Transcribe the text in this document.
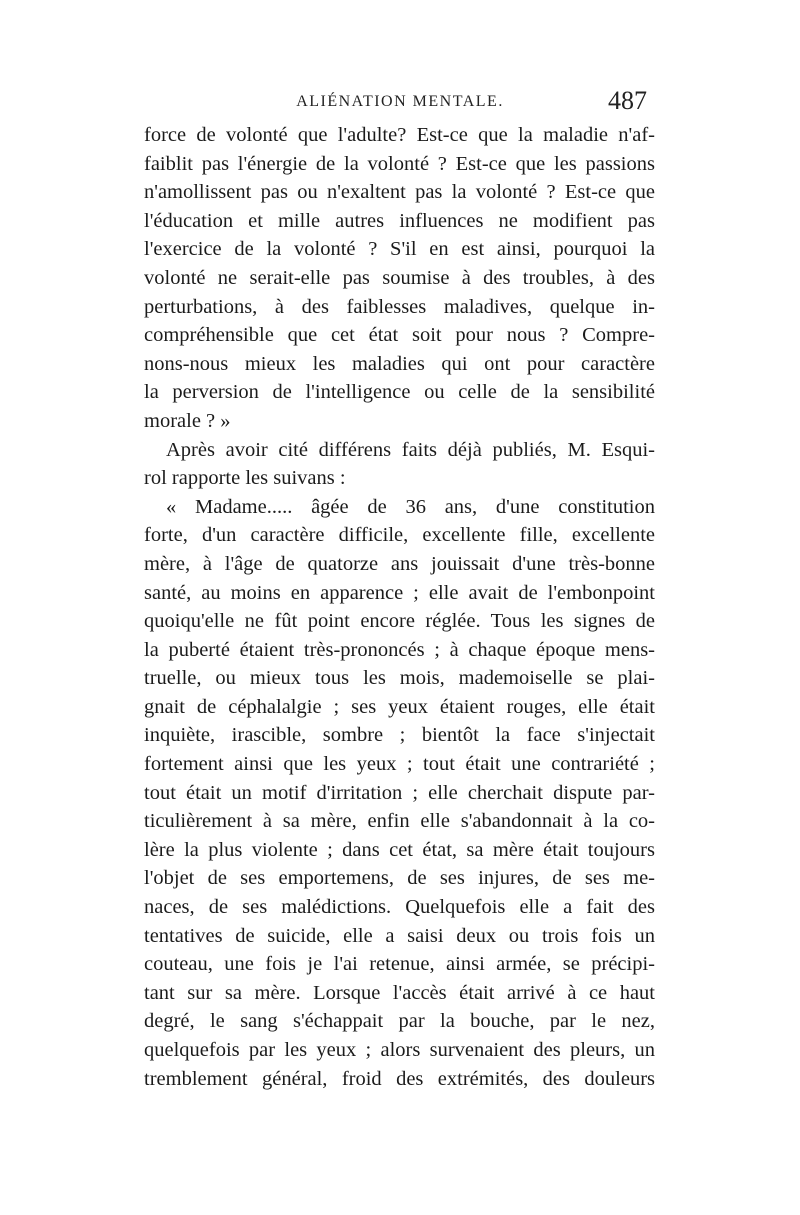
ALIÉNATION MENTALE.	487
force de volonté que l'adulte? Est-ce que la maladie n'af-
faiblit pas l'énergie de la volonté ? Est-ce que les passions
n'amollissent pas ou n'exaltent pas la volonté ? Est-ce que
l'éducation et mille autres influences ne modifient pas
l'exercice de la volonté ? S'il en est ainsi, pourquoi la
volonté ne serait-elle pas soumise à des troubles, à des
perturbations, à des faiblesses maladives, quelque in-
compréhensible que cet état soit pour nous ? Compre-
nons-nous mieux les maladies qui ont pour caractère
la perversion de l'intelligence ou celle de la sensibilité
morale ? »
Après avoir cité différens faits déjà publiés, M. Esqui-
rol rapporte les suivans :
« Madame..... âgée de 36 ans, d'une constitution
forte, d'un caractère difficile, excellente fille, excellente
mère, à l'âge de quatorze ans jouissait d'une très-bonne
santé, au moins en apparence ; elle avait de l'embonpoint
quoiqu'elle ne fût point encore réglée. Tous les signes de
la puberté étaient très-prononcés ; à chaque époque mens-
truelle, ou mieux tous les mois, mademoiselle se plai-
gnait de céphalalgie ; ses yeux étaient rouges, elle était
inquiète, irascible, sombre ; bientôt la face s'injectait
fortement ainsi que les yeux ; tout était une contrariété ;
tout était un motif d'irritation ; elle cherchait dispute par-
ticulièrement à sa mère, enfin elle s'abandonnait à la co-
lère la plus violente ; dans cet état, sa mère était toujours
l'objet de ses emportemens, de ses injures, de ses me-
naces, de ses malédictions. Quelquefois elle a fait des
tentatives de suicide, elle a saisi deux ou trois fois un
couteau, une fois je l'ai retenue, ainsi armée, se précipi-
tant sur sa mère. Lorsque l'accès était arrivé à ce haut
degré, le sang s'échappait par la bouche, par le nez,
quelquefois par les yeux ; alors survenaient des pleurs, un
tremblement général, froid des extrémités, des douleurs
